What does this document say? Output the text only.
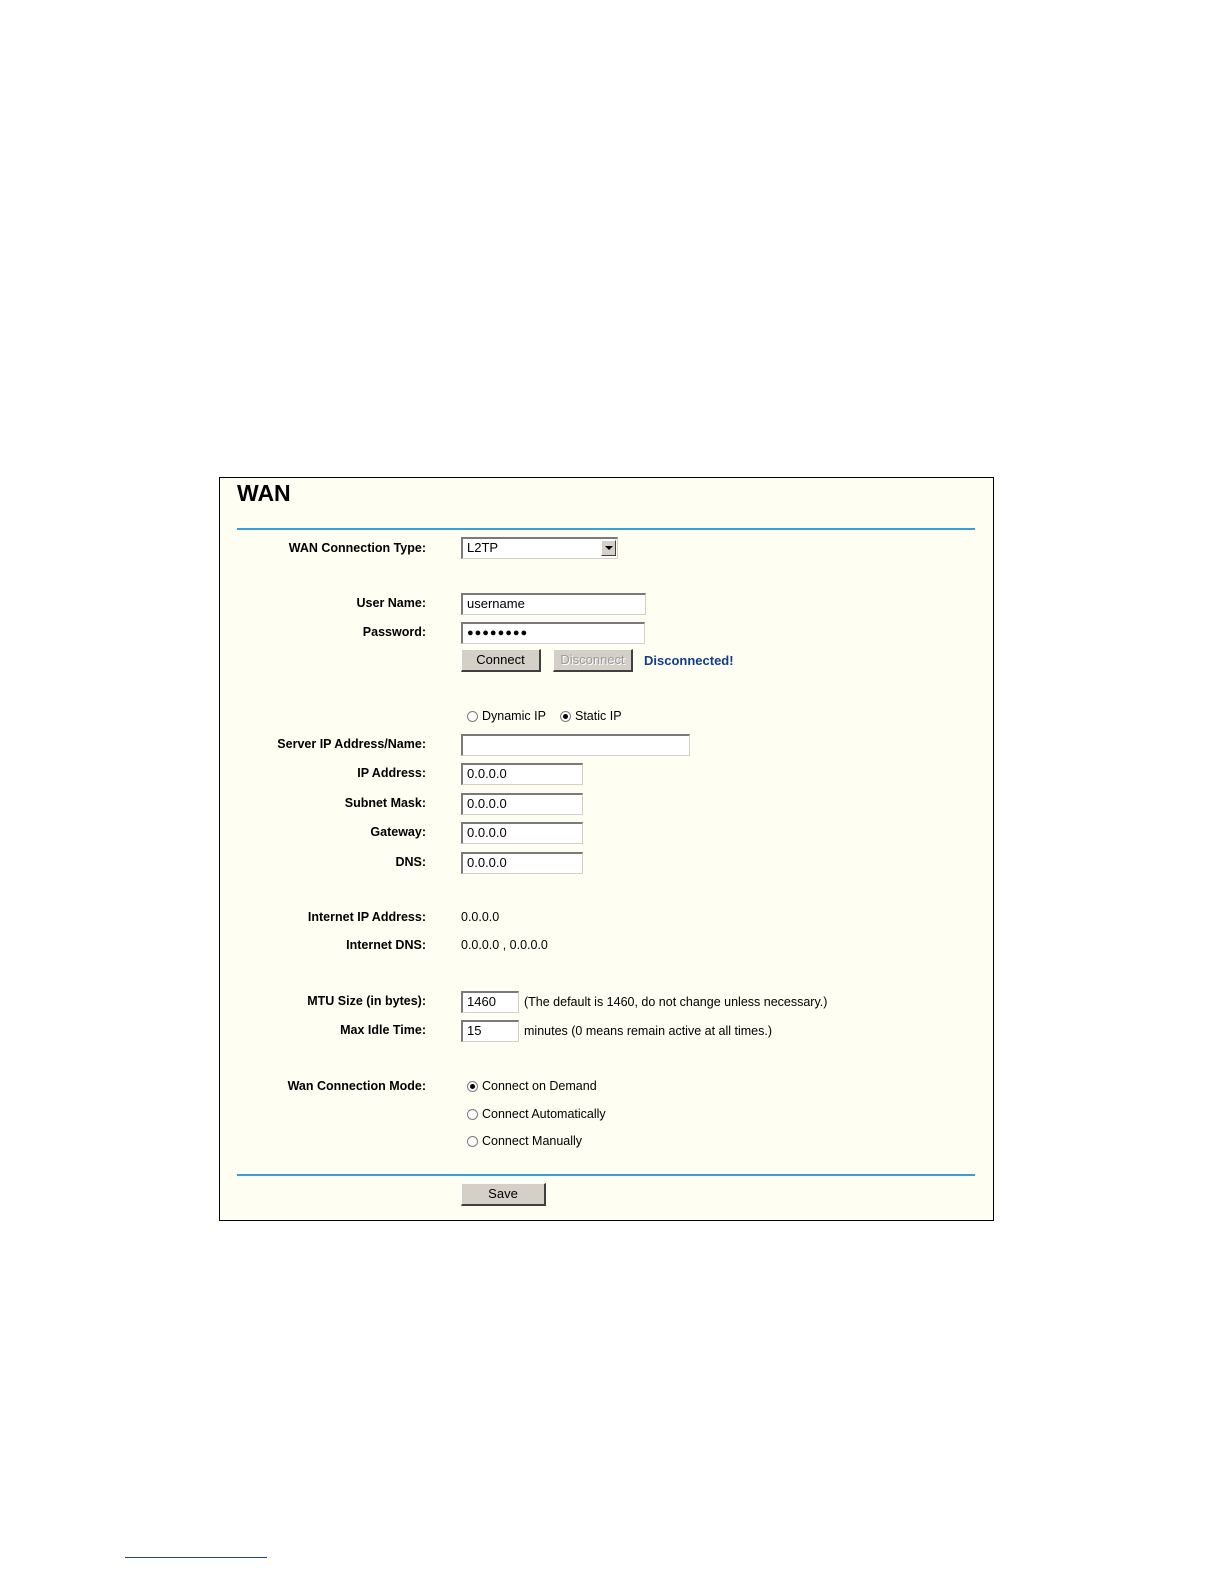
WAN
WAN Connection Type:	L2TP
User Name:	username
Password:	●●●●●●●●
Connect	Disconnect	Disconnected!
Dynamic IP Static IP
Server IP Address/Name:
IP Address:	0.0.0.0
Subnet Mask:	0.0.0.0
Gateway:	0.0.0.0
DNS:	0.0.0.0
Internet IP Address:	0.0.0.0
Internet DNS:	0.0.0.0 , 0.0.0.0
MTU Size (in bytes):	1460	(The default is 1460, do not change unless necessary.)
Max Idle Time:	15	minutes (0 means remain active at all times.)
Wan Connection Mode:	Connect on Demand
Connect Automatically
Connect Manually
Save
